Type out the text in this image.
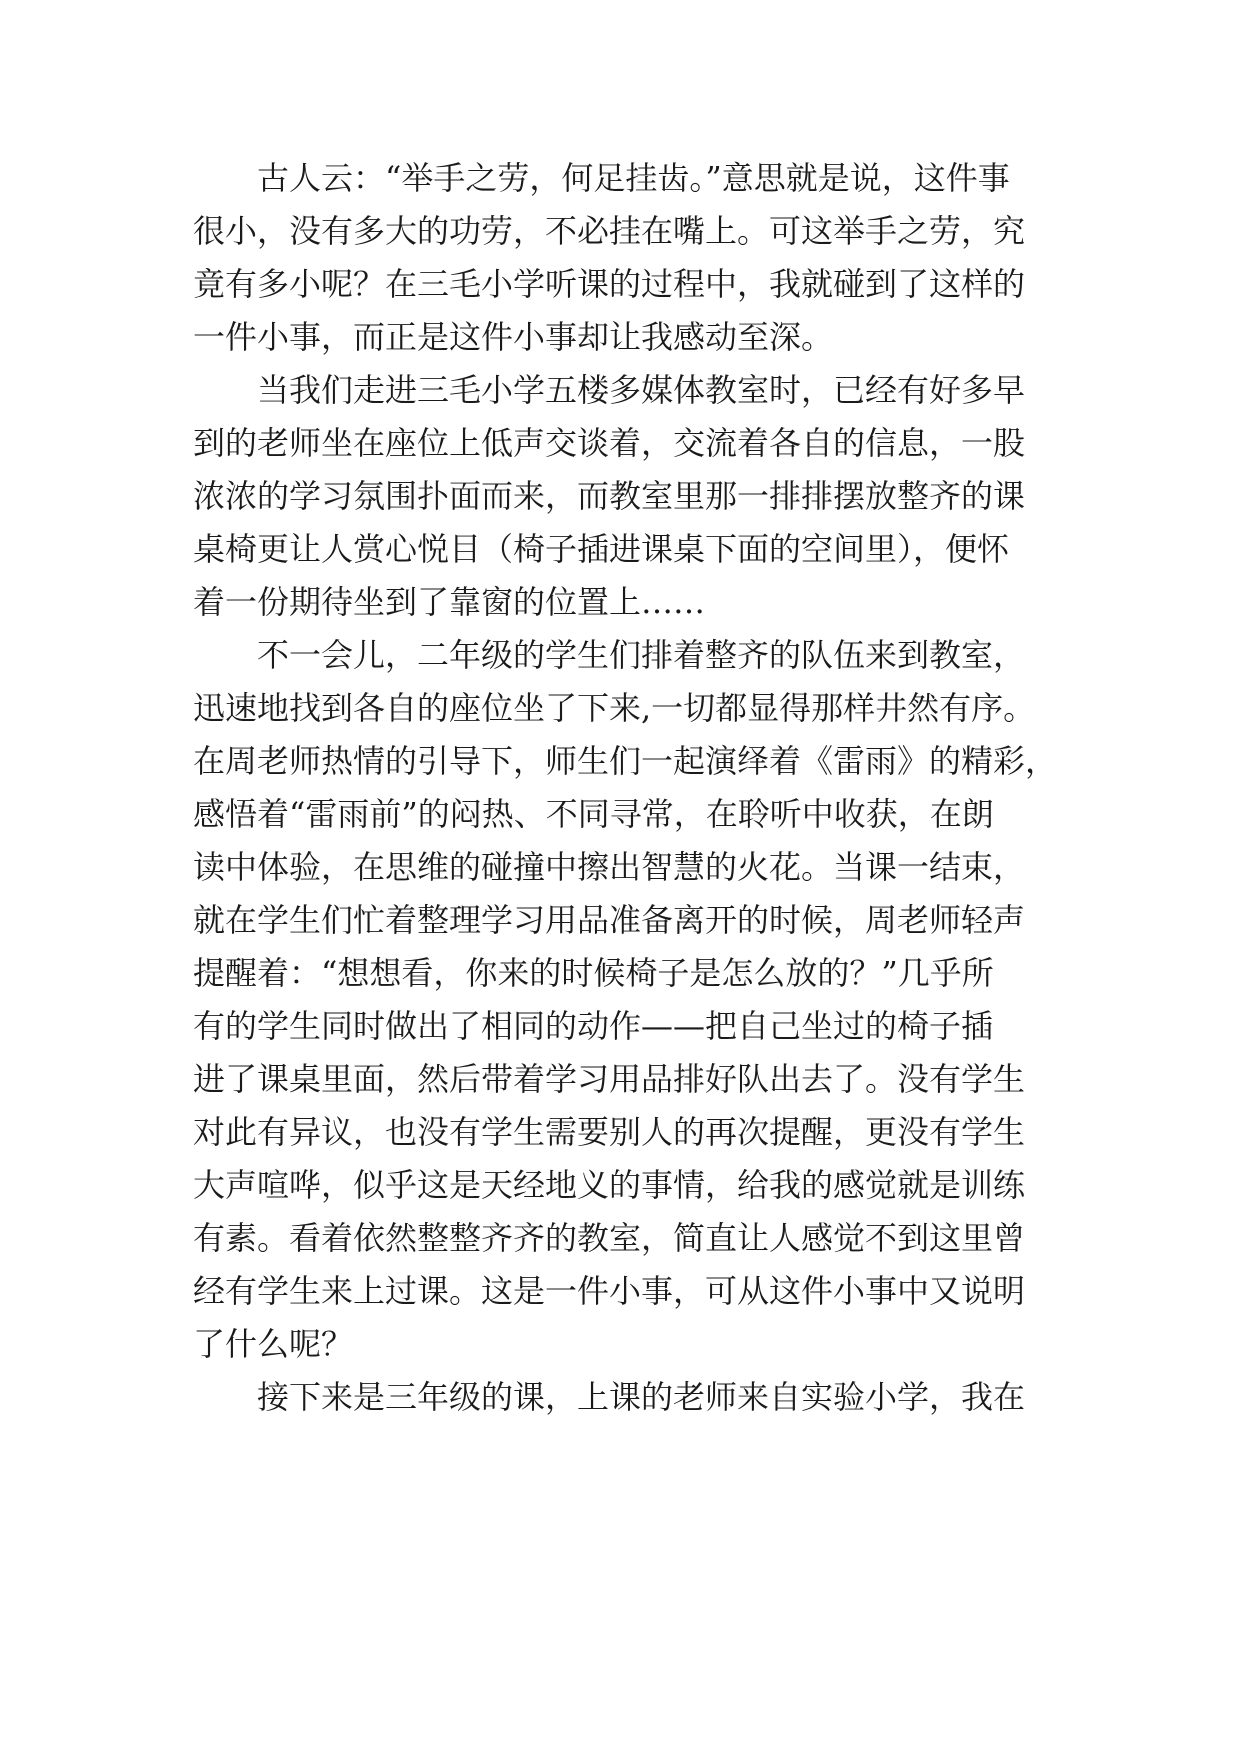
　　古人云：“举手之劳，何足挂齿。”意思就是说，这件事
很小，没有多大的功劳，不必挂在嘴上。可这举手之劳，究
竟有多小呢？在三毛小学听课的过程中，我就碰到了这样的
一件小事，而正是这件小事却让我感动至深。
　　当我们走进三毛小学五楼多媒体教室时，已经有好多早
到的老师坐在座位上低声交谈着，交流着各自的信息，一股
浓浓的学习氛围扑面而来，而教室里那一排排摆放整齐的课
桌椅更让人赏心悦目（椅子插进课桌下面的空间里），便怀
着一份期待坐到了靠窗的位置上……
　　不一会儿，二年级的学生们排着整齐的队伍来到教室，
迅速地找到各自的座位坐了下来,一切都显得那样井然有序。
在周老师热情的引导下，师生们一起演绎着《雷雨》的精彩，
感悟着“雷雨前”的闷热、不同寻常，在聆听中收获，在朗
读中体验，在思维的碰撞中擦出智慧的火花。当课一结束，
就在学生们忙着整理学习用品准备离开的时候，周老师轻声
提醒着：“想想看，你来的时候椅子是怎么放的？”几乎所
有的学生同时做出了相同的动作——把自己坐过的椅子插
进了课桌里面，然后带着学习用品排好队出去了。没有学生
对此有异议，也没有学生需要别人的再次提醒，更没有学生
大声喧哗，似乎这是天经地义的事情，给我的感觉就是训练
有素。看着依然整整齐齐的教室，简直让人感觉不到这里曾
经有学生来上过课。这是一件小事，可从这件小事中又说明
了什么呢？
　　接下来是三年级的课，上课的老师来自实验小学，我在
